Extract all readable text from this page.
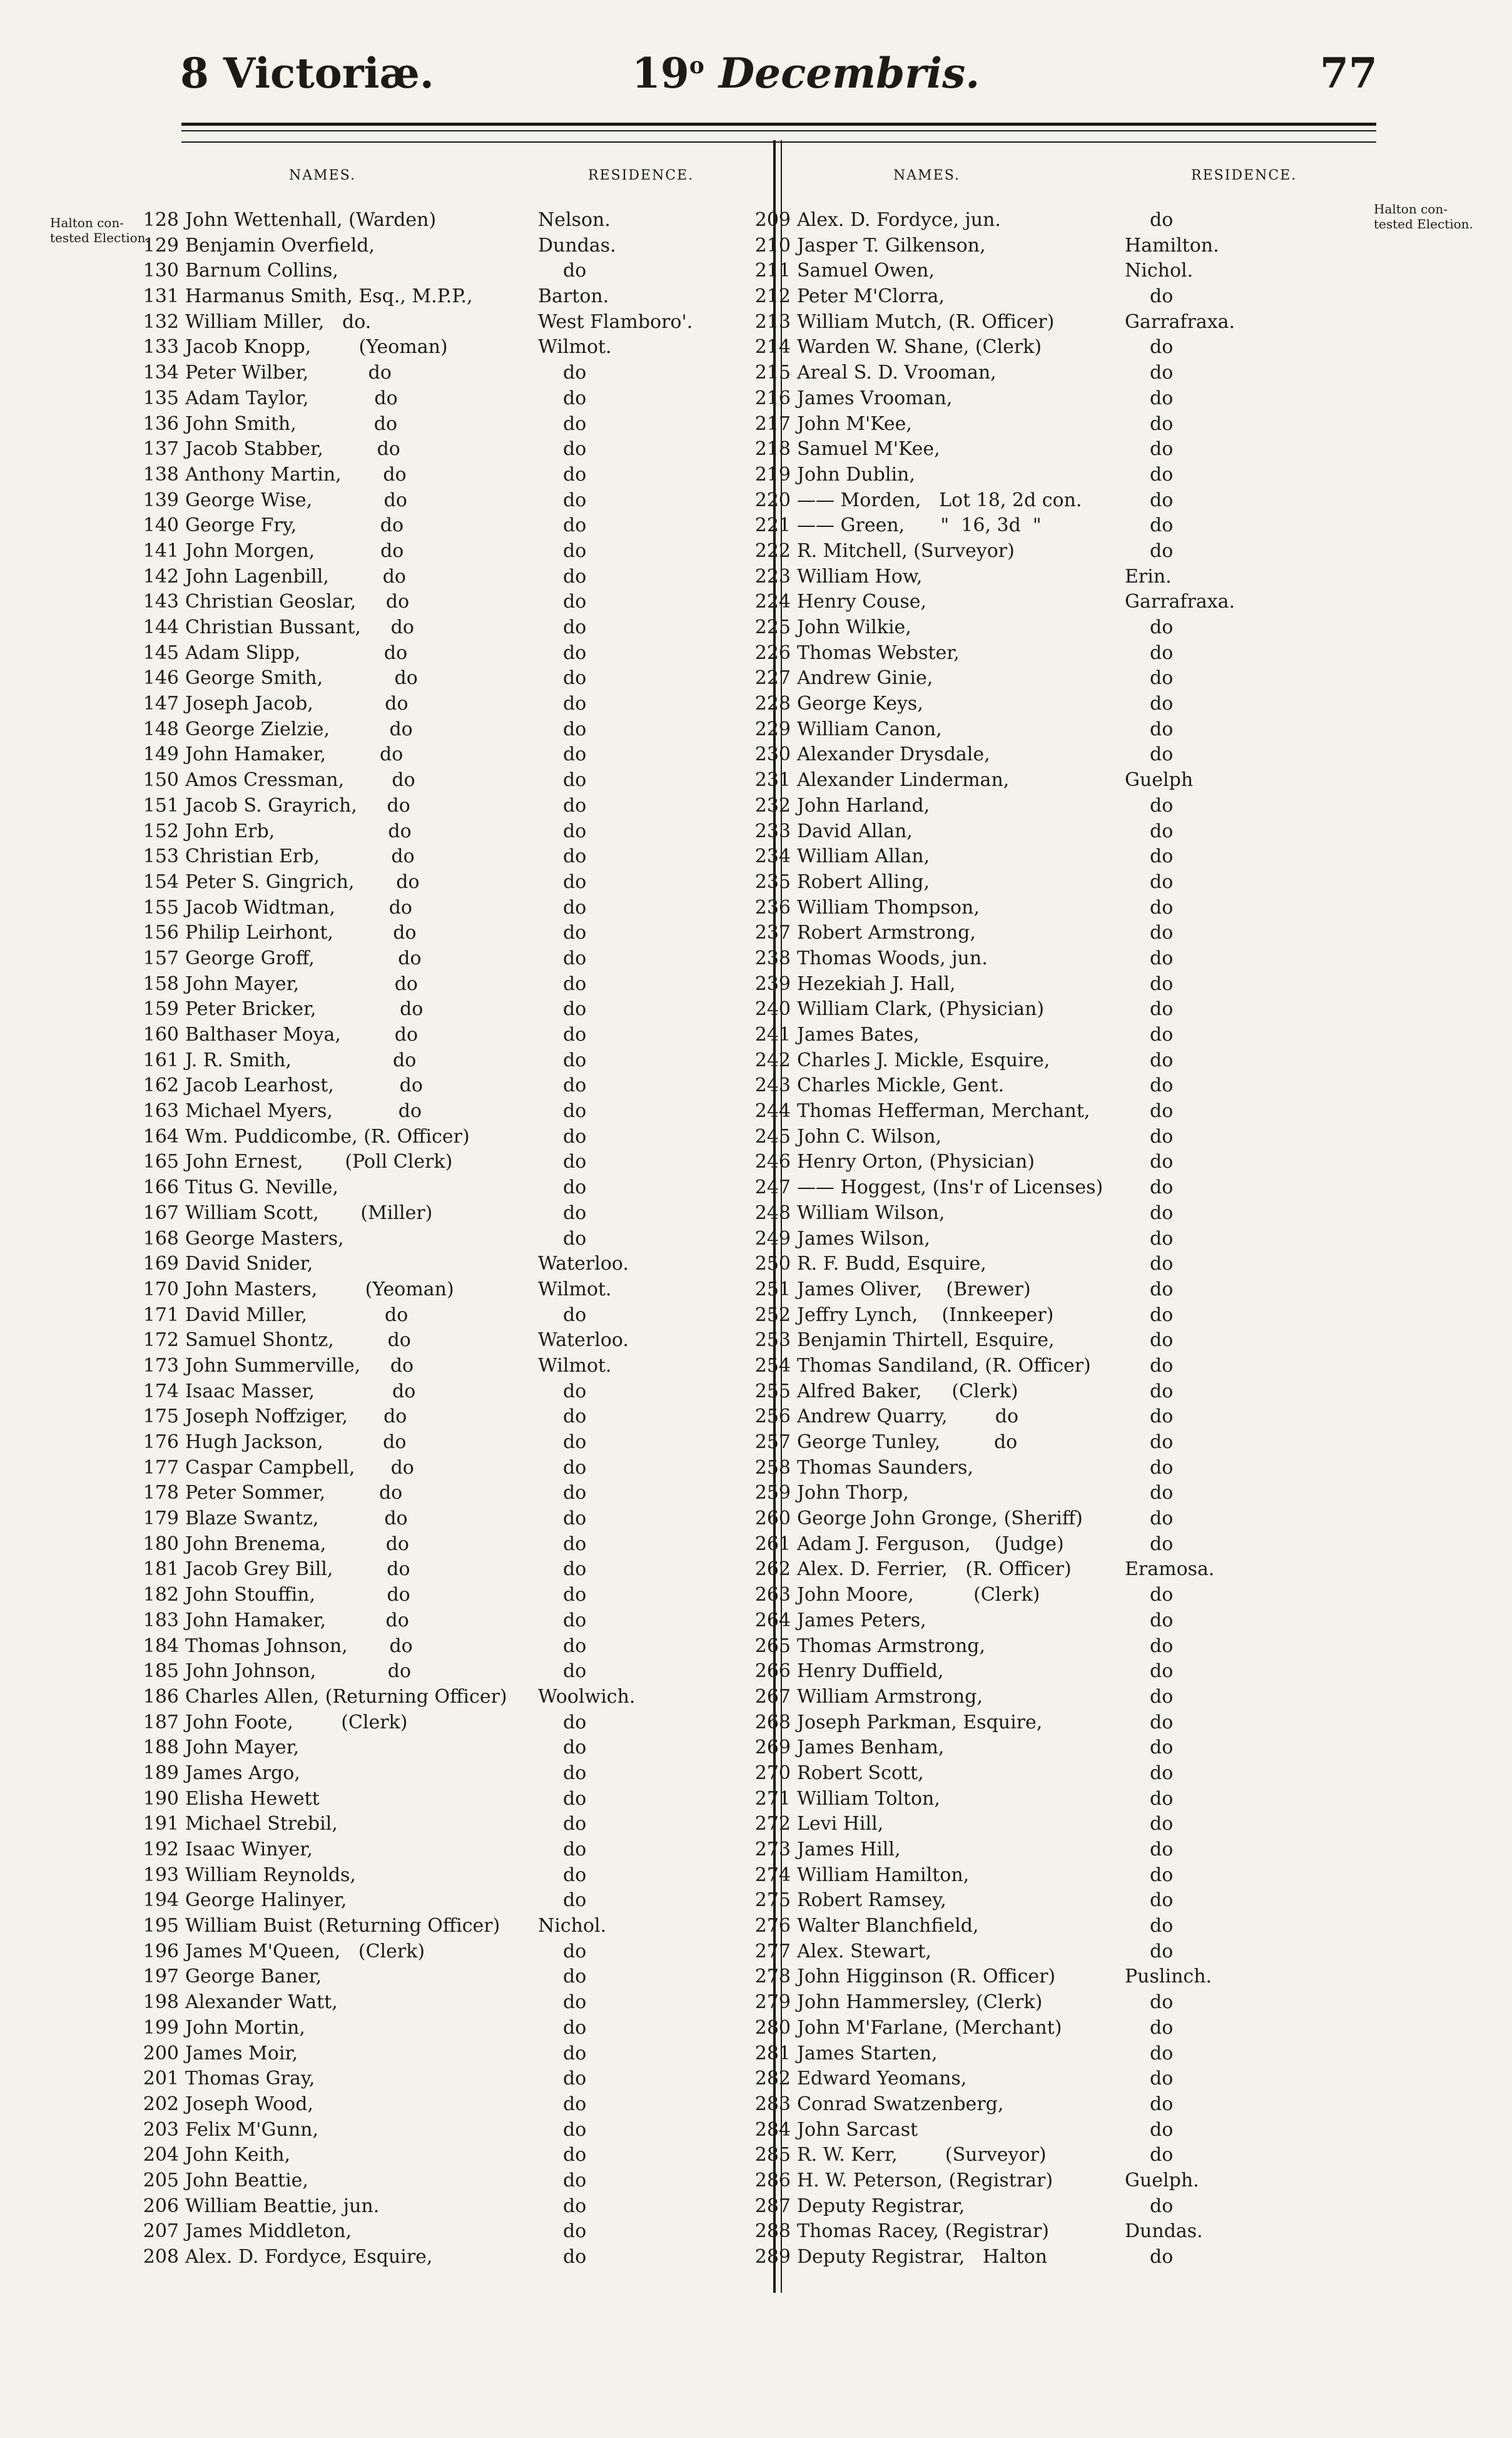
8 Victoriæ.	19$^o$ Decembris.	77
NAMES.	RESIDENCE.	NAMES.	RESIDENCE.
Halton con-
tested Election.
Halton con-
tested Election.
128 John Wettenhall, (Warden)	Nelson.
129 Benjamin Overfield,	Dundas.
130 Barnum Collins,	do
131 Harmanus Smith, Esq., M.P.P.,	Barton.
132 William Miller,   do.	West Flamboro'.
133 Jacob Knopp,        (Yeoman)	Wilmot.
134 Peter Wilber,          do	do
135 Adam Taylor,           do	do
136 John Smith,             do	do
137 Jacob Stabber,         do	do
138 Anthony Martin,       do	do
139 George Wise,            do	do
140 George Fry,              do	do
141 John Morgen,           do	do
142 John Lagenbill,         do	do
143 Christian Geoslar,     do	do
144 Christian Bussant,     do	do
145 Adam Slipp,              do	do
146 George Smith,            do	do
147 Joseph Jacob,            do	do
148 George Zielzie,          do	do
149 John Hamaker,         do	do
150 Amos Cressman,        do	do
151 Jacob S. Grayrich,     do	do
152 John Erb,                   do	do
153 Christian Erb,            do	do
154 Peter S. Gingrich,       do	do
155 Jacob Widtman,         do	do
156 Philip Leirhont,          do	do
157 George Groff,              do	do
158 John Mayer,                do	do
159 Peter Bricker,              do	do
160 Balthaser Moya,         do	do
161 J. R. Smith,                 do	do
162 Jacob Learhost,           do	do
163 Michael Myers,           do	do
164 Wm. Puddicombe, (R. Officer)	do
165 John Ernest,       (Poll Clerk)	do
166 Titus G. Neville,	do
167 William Scott,       (Miller)	do
168 George Masters,	do
169 David Snider,	Waterloo.
170 John Masters,        (Yeoman)	Wilmot.
171 David Miller,             do	do
172 Samuel Shontz,         do	Waterloo.
173 John Summerville,     do	Wilmot.
174 Isaac Masser,             do	do
175 Joseph Noffziger,      do	do
176 Hugh Jackson,          do	do
177 Caspar Campbell,      do	do
178 Peter Sommer,         do	do
179 Blaze Swantz,           do	do
180 John Brenema,          do	do
181 Jacob Grey Bill,         do	do
182 John Stouffin,            do	do
183 John Hamaker,          do	do
184 Thomas Johnson,       do	do
185 John Johnson,            do	do
186 Charles Allen, (Returning Officer) Woolwich.
187 John Foote,        (Clerk)	do
188 John Mayer,	do
189 James Argo,	do
190 Elisha Hewett	do
191 Michael Strebil,	do
192 Isaac Winyer,	do
193 William Reynolds,	do
194 George Halinyer,	do
195 William Buist (Returning Officer) Nichol.
196 James M'Queen,   (Clerk)	do
197 George Baner,	do
198 Alexander Watt,	do
199 John Mortin,	do
200 James Moir,	do
201 Thomas Gray,	do
202 Joseph Wood,	do
203 Felix M'Gunn,	do
204 John Keith,	do
205 John Beattie,	do
206 William Beattie, jun.	do
207 James Middleton,	do
208 Alex. D. Fordyce, Esquire,	do
209 Alex. D. Fordyce, jun.	do
210 Jasper T. Gilkenson,	Hamilton.
211 Samuel Owen,	Nichol.
212 Peter M'Clorra,	do
213 William Mutch, (R. Officer)	Garrafraxa.
214 Warden W. Shane, (Clerk)	do
215 Areal S. D. Vrooman,	do
216 James Vrooman,	do
217 John M'Kee,	do
218 Samuel M'Kee,	do
219 John Dublin,	do
220 —— Morden,   Lot 18, 2d con.	do
221 —— Green,      "  16, 3d  "	do
222 R. Mitchell, (Surveyor)	do
223 William How,	Erin.
224 Henry Couse,	Garrafraxa.
225 John Wilkie,	do
226 Thomas Webster,	do
227 Andrew Ginie,	do
228 George Keys,	do
229 William Canon,	do
230 Alexander Drysdale,	do
231 Alexander Linderman,	Guelph
232 John Harland,	do
233 David Allan,	do
234 William Allan,	do
235 Robert Alling,	do
236 William Thompson,	do
237 Robert Armstrong,	do
238 Thomas Woods, jun.	do
239 Hezekiah J. Hall,	do
240 William Clark, (Physician)	do
241 James Bates,	do
242 Charles J. Mickle, Esquire,	do
243 Charles Mickle, Gent.	do
244 Thomas Hefferman, Merchant,	do
245 John C. Wilson,	do
246 Henry Orton, (Physician)	do
247 —— Hoggest, (Ins'r of Licenses) do
248 William Wilson,	do
249 James Wilson,	do
250 R. F. Budd, Esquire,	do
251 James Oliver,    (Brewer)	do
252 Jeffry Lynch,    (Innkeeper)	do
253 Benjamin Thirtell, Esquire,	do
254 Thomas Sandiland, (R. Officer)	do
255 Alfred Baker,     (Clerk)	do
256 Andrew Quarry,        do	do
257 George Tunley,         do	do
258 Thomas Saunders,	do
259 John Thorp,	do
260 George John Gronge, (Sheriff)	do
261 Adam J. Ferguson,    (Judge)	do
262 Alex. D. Ferrier,   (R. Officer)	Eramosa.
263 John Moore,          (Clerk)	do
264 James Peters,	do
265 Thomas Armstrong,	do
266 Henry Duffield,	do
267 William Armstrong,	do
268 Joseph Parkman, Esquire,	do
269 James Benham,	do
270 Robert Scott,	do
271 William Tolton,	do
272 Levi Hill,	do
273 James Hill,	do
274 William Hamilton,	do
275 Robert Ramsey,	do
276 Walter Blanchfield,	do
277 Alex. Stewart,	do
278 John Higginson (R. Officer)	Puslinch.
279 John Hammersley, (Clerk)	do
280 John M'Farlane, (Merchant)	do
281 James Starten,	do
282 Edward Yeomans,	do
283 Conrad Swatzenberg,	do
284 John Sarcast	do
285 R. W. Kerr,        (Surveyor)	do
286 H. W. Peterson, (Registrar)	Guelph.
287 Deputy Registrar,	do
288 Thomas Racey, (Registrar)	Dundas.
289 Deputy Registrar,   Halton	do
